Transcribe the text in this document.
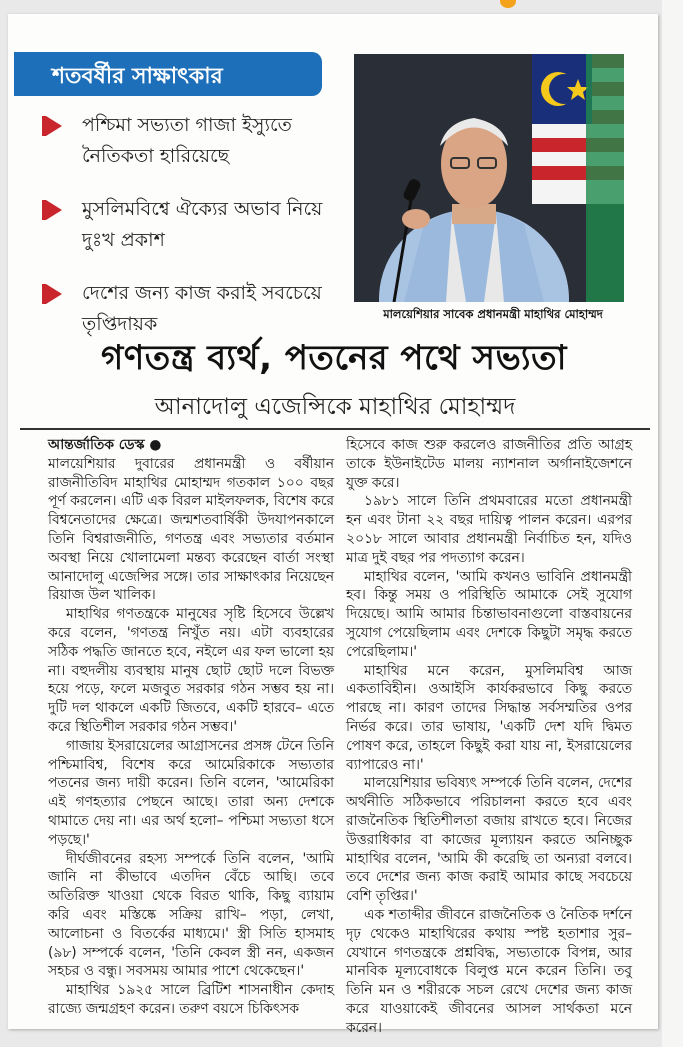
শতবর্ষীর সাক্ষাৎকার
পশ্চিমা সভ্যতা গাজা ইস্যুতে নৈতিকতা হারিয়েছে
মুসলিমবিশ্বে ঐক্যের অভাব নিয়ে দুঃখ প্রকাশ
দেশের জন্য কাজ করাই সবচেয়ে তৃপ্তিদায়ক	মালয়েশিয়ার সাবেক প্রধানমন্ত্রী মাহাথির মোহাম্মদ
গণতন্ত্র ব্যর্থ, পতনের পথে সভ্যতা
আনাদোলু এজেন্সিকে মাহাথির মোহাম্মদ
আন্তর্জাতিক ডেস্ক ●

মালয়েশিয়ার দুবারের প্রধানমন্ত্রী ও বর্ষীয়ান রাজনীতিবিদ মাহাথির মোহাম্মদ গতকাল ১০০ বছর পূর্ণ করলেন। এটি এক বিরল মাইলফলক, বিশেষ করে বিশ্বনেতাদের ক্ষেত্রে। জন্মশতবার্ষিকী উদযাপনকালে তিনি বিশ্বরাজনীতি, গণতন্ত্র এবং সভ্যতার বর্তমান অবস্থা নিয়ে খোলামেলা মন্তব্য করেছেন বার্তা সংস্থা আনাদোলু এজেন্সির সঙ্গে। তার সাক্ষাৎকার নিয়েছেন রিয়াজ উল খালিক।

মাহাথির গণতন্ত্রকে মানুষের সৃষ্টি হিসেবে উল্লেখ করে বলেন, 'গণতন্ত্র নিখুঁত নয়। এটা ব্যবহারের সঠিক পদ্ধতি জানতে হবে, নইলে এর ফল ভালো হয় না। বহুদলীয় ব্যবস্থায় মানুষ ছোট ছোট দলে বিভক্ত হয়ে পড়ে, ফলে মজবুত সরকার গঠন সম্ভব হয় না। দুটি দল থাকলে একটি জিতবে, একটি হারবে– এতে করে স্থিতিশীল সরকার গঠন সম্ভব।'

গাজায় ইসরায়েলের আগ্রাসনের প্রসঙ্গ টেনে তিনি পশ্চিমাবিশ্ব, বিশেষ করে আমেরিকাকে সভ্যতার পতনের জন্য দায়ী করেন। তিনি বলেন, 'আমেরিকা এই গণহত্যার পেছনে আছে। তারা অন্য দেশকে থামাতে দেয় না। এর অর্থ হলো– পশ্চিমা সভ্যতা ধসে পড়ছে।'

দীর্ঘজীবনের রহস্য সম্পর্কে তিনি বলেন, 'আমি জানি না কীভাবে এতদিন বেঁচে আছি। তবে অতিরিক্ত খাওয়া থেকে বিরত থাকি, কিছু ব্যায়াম করি এবং মস্তিষ্কে সক্রিয় রাখি– পড়া, লেখা, আলোচনা ও বিতর্কের মাধ্যমে।' স্ত্রী সিতি হাসমাহ (৯৮) সম্পর্কে বলেন, 'তিনি কেবল স্ত্রী নন, একজন সহচর ও বন্ধু। সবসময় আমার পাশে থেকেছেন।'

মাহাথির ১৯২৫ সালে ব্রিটিশ শাসনাধীন কেদাহ রাজ্যে জন্মগ্রহণ করেন। তরুণ বয়সে চিকিৎসক

হিসেবে কাজ শুরু করলেও রাজনীতির প্রতি আগ্রহ তাকে ইউনাইটেড মালয় ন্যাশনাল অর্গানাইজেশনে যুক্ত করে।

১৯৮১ সালে তিনি প্রথমবারের মতো প্রধানমন্ত্রী হন এবং টানা ২২ বছর দায়িত্ব পালন করেন। এরপর ২০১৮ সালে আবার প্রধানমন্ত্রী নির্বাচিত হন, যদিও মাত্র দুই বছর পর পদত্যাগ করেন।

মাহাথির বলেন, 'আমি কখনও ভাবিনি প্রধানমন্ত্রী হব। কিন্তু সময় ও পরিস্থিতি আমাকে সেই সুযোগ দিয়েছে। আমি আমার চিন্তাভাবনাগুলো বাস্তবায়নের সুযোগ পেয়েছিলাম এবং দেশকে কিছুটা সমৃদ্ধ করতে পেরেছিলাম।'

মাহাথির মনে করেন, মুসলিমবিশ্ব আজ একতাবিহীন। ওআইসি কার্যকরভাবে কিছু করতে পারছে না। কারণ তাদের সিদ্ধান্ত সর্বসম্মতির ওপর নির্ভর করে। তার ভাষায়, 'একটি দেশ যদি দ্বিমত পোষণ করে, তাহলে কিছুই করা যায় না, ইসরায়েলের ব্যাপারেও না।'

মালয়েশিয়ার ভবিষ্যৎ সম্পর্কে তিনি বলেন, দেশের অর্থনীতি সঠিকভাবে পরিচালনা করতে হবে এবং রাজনৈতিক স্থিতিশীলতা বজায় রাখতে হবে। নিজের উত্তরাধিকার বা কাজের মূল্যায়ন করতে অনিচ্ছুক মাহাথির বলেন, 'আমি কী করেছি তা অন্যরা বলবে। তবে দেশের জন্য কাজ করাই আমার কাছে সবচেয়ে বেশি তৃপ্তির।'

এক শতাব্দীর জীবনে রাজনৈতিক ও নৈতিক দর্শনে দৃঢ় থেকেও মাহাথিরের কথায় স্পষ্ট হতাশার সুর– যেখানে গণতন্ত্রকে প্রশ্নবিদ্ধ, সভ্যতাকে বিপন্ন, আর মানবিক মূল্যবোধকে বিলুপ্ত মনে করেন তিনি। তবু তিনি মন ও শরীরকে সচল রেখে দেশের জন্য কাজ করে যাওয়াকেই জীবনের আসল সার্থকতা মনে করেন।
